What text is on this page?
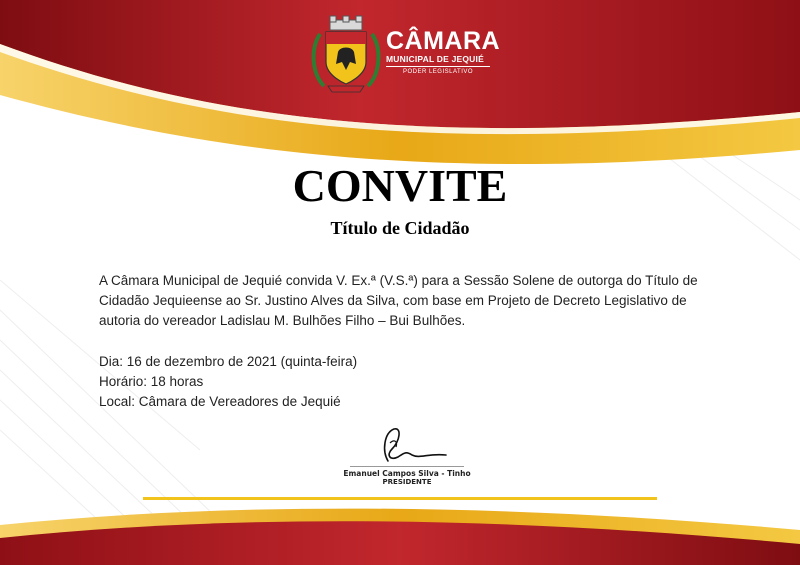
CÂMARA
MUNICIPAL DE JEQUIÉ
PODER LEGISLATIVO
CONVITE
Título de Cidadão
A Câmara Municipal de Jequié convida V. Ex.ª (V.S.ª) para a Sessão Solene de outorga do Título de
Cidadão Jequieense ao Sr. Justino Alves da Silva, com base em Projeto de Decreto Legislativo de
autoria do vereador Ladislau M. Bulhões Filho – Bui Bulhões.
Dia: 16 de dezembro de 2021 (quinta-feira)
Horário: 18 horas
Local: Câmara de Vereadores de Jequié
Emanuel Campos Silva - Tinho
PRESIDENTE
